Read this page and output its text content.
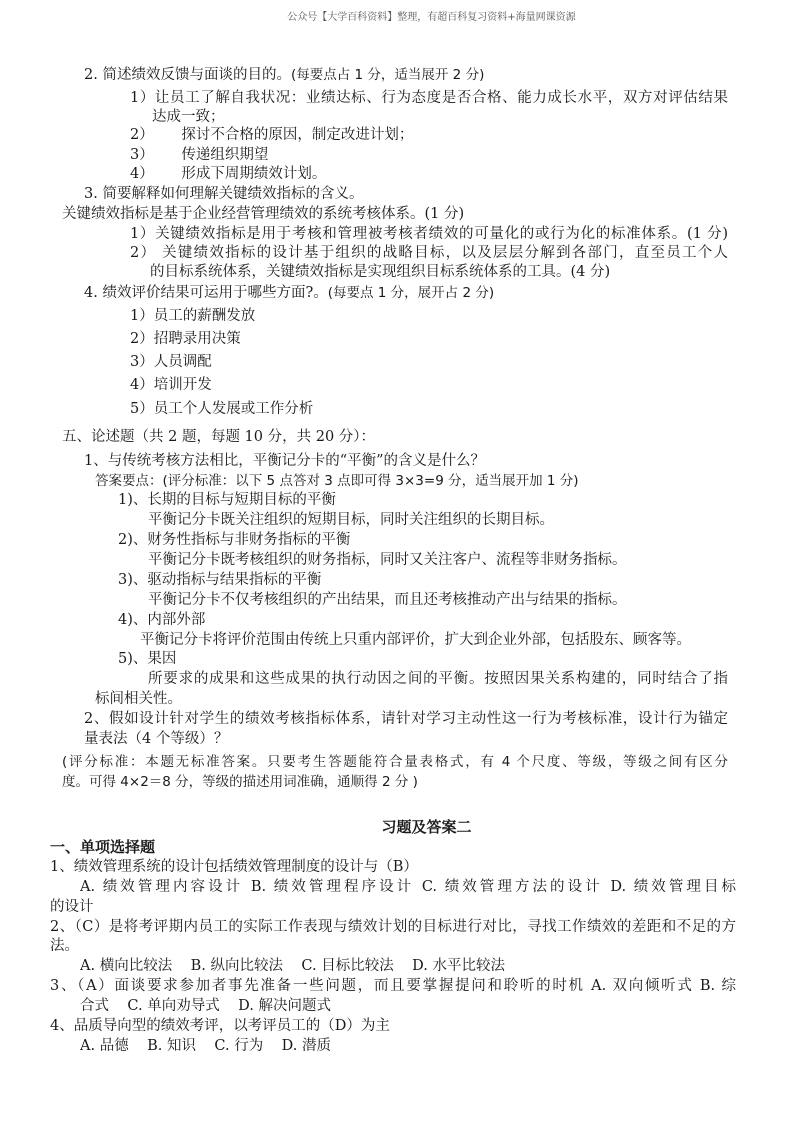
公众号【大学百科资料】整理，有超百科复习资料+海量网课资源
2. 简述绩效反馈与面谈的目的。(每要点占 1 分，适当展开 2 分)
1）让员工了解自我状况：业绩达标、行为态度是否合格、能力成长水平，双方对评估结果
达成一致；
2）      探讨不合格的原因，制定改进计划；
3）      传递组织期望
4）      形成下周期绩效计划。
3. 简要解释如何理解关键绩效指标的含义。
关键绩效指标是基于企业经营管理绩效的系统考核体系。(1 分)
1）关键绩效指标是用于考核和管理被考核者绩效的可量化的或行为化的标准体系。(1 分)
2） 关键绩效指标的设计基于组织的战略目标，以及层层分解到各部门，直至员工个人
的目标系统体系，关键绩效指标是实现组织目标系统体系的工具。(4 分)
4. 绩效评价结果可运用于哪些方面?。(每要点 1 分，展开占 2 分)
1）员工的薪酬发放
2）招聘录用决策
3）人员调配
4）培训开发
5）员工个人发展或工作分析
五、论述题（共 2 题，每题 10 分，共 20 分）：
1、与传统考核方法相比，平衡记分卡的“平衡”的含义是什么？
答案要点：(评分标准：以下 5 点答对 3 点即可得 3×3=9 分，适当展开加 1 分)
1)、长期的目标与短期目标的平衡
平衡记分卡既关注组织的短期目标，同时关注组织的长期目标。
2)、财务性指标与非财务指标的平衡
平衡记分卡既考核组织的财务指标，同时又关注客户、流程等非财务指标。
3)、驱动指标与结果指标的平衡
平衡记分卡不仅考核组织的产出结果，而且还考核推动产出与结果的指标。
4)、内部外部
平衡记分卡将评价范围由传统上只重内部评价，扩大到企业外部，包括股东、顾客等。
5)、果因
所要求的成果和这些成果的执行动因之间的平衡。按照因果关系构建的，同时结合了指
标间相关性。
2、假如设计针对学生的绩效考核指标体系，请针对学习主动性这一行为考核标准，设计行为锚定
量表法（4 个等级）？
(评分标准：本题无标准答案。只要考生答题能符合量表格式，有 4 个尺度、等级，等级之间有区分
度。可得 4×2＝8 分，等级的描述用词准确，通顺得 2 分 )
习题及答案二
一、单项选择题
1、绩效管理系统的设计包括绩效管理制度的设计与（B）
A. 绩效管理内容设计 B. 绩效管理程序设计 C. 绩效管理方法的设计 D. 绩效管理目标
的设计
2、（C）是将考评期内员工的实际工作表现与绩效计划的目标进行对比，寻找工作绩效的差距和不足的方
法。
A. 横向比较法    B. 纵向比较法    C. 目标比较法    D. 水平比较法
3、（A）面谈要求参加者事先准备一些问题，而且要掌握提问和聆听的时机 A. 双向倾听式 B. 综
合式    C. 单向劝导式    D. 解决问题式
4、品质导向型的绩效考评，以考评员工的（D）为主
A. 品德    B. 知识    C. 行为    D. 潜质
